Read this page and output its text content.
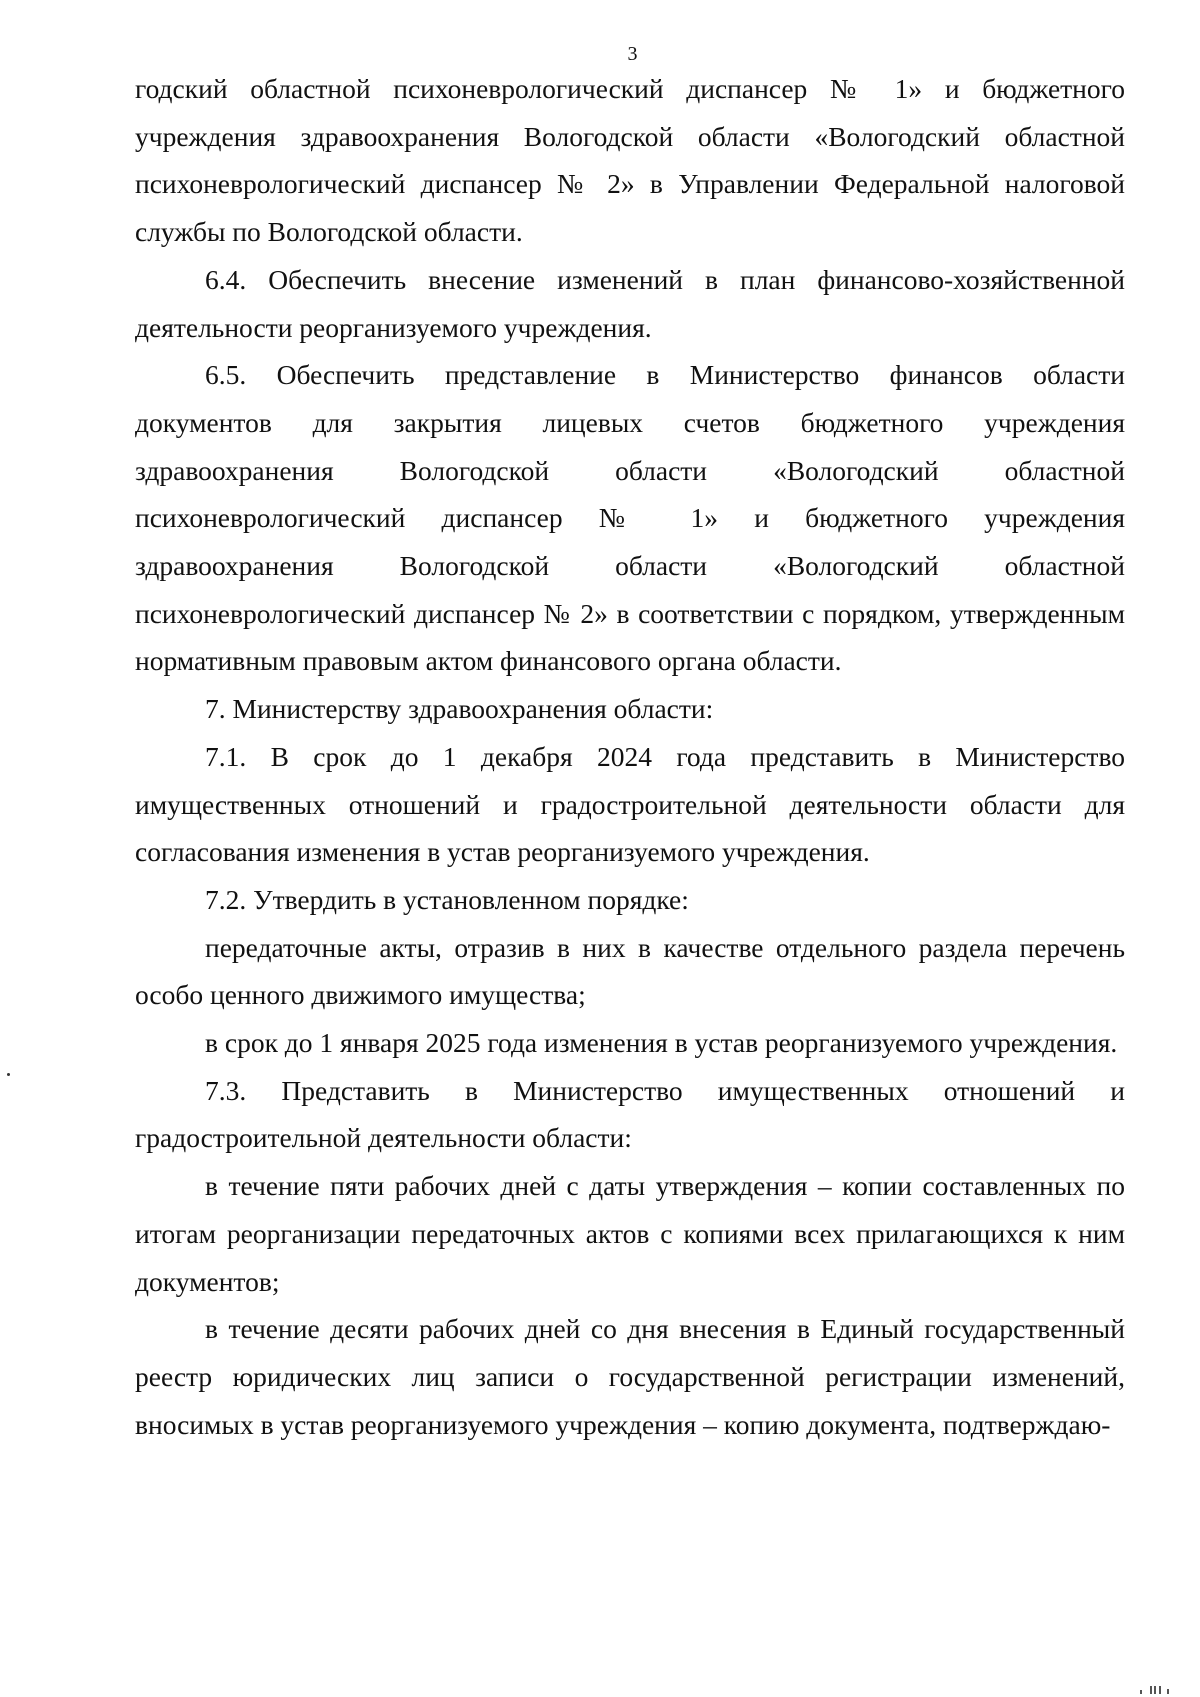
3

годский областной психоневрологический диспансер № 1» и бюджетного учреждения здравоохранения Вологодской области «Вологодский областной психоневрологический диспансер № 2» в Управлении Федеральной налоговой службы по Вологодской области.

6.4. Обеспечить внесение изменений в план финансово-хозяйственной деятельности реорганизуемого учреждения.

6.5. Обеспечить представление в Министерство финансов области документов для закрытия лицевых счетов бюджетного учреждения здравоохранения Вологодской области «Вологодский областной психоневрологический диспансер № 1» и бюджетного учреждения здравоохранения Вологодской области «Вологодский областной психоневрологический диспансер № 2» в соответствии с порядком, утвержденным нормативным правовым актом финансового органа области.

7. Министерству здравоохранения области:

7.1. В срок до 1 декабря 2024 года представить в Министерство имущественных отношений и градостроительной деятельности области для согласования изменения в устав реорганизуемого учреждения.

7.2. Утвердить в установленном порядке:

передаточные акты, отразив в них в качестве отдельного раздела перечень особо ценного движимого имущества;

в срок до 1 января 2025 года изменения в устав реорганизуемого учреждения.

7.3. Представить в Министерство имущественных отношений и градостроительной деятельности области:

в течение пяти рабочих дней с даты утверждения – копии составленных по итогам реорганизации передаточных актов с копиями всех прилагающихся к ним документов;

в течение десяти рабочих дней со дня внесения в Единый государственный реестр юридических лиц записи о государственной регистрации изменений, вносимых в устав реорганизуемого учреждения – копию документа, подтверждаю-
